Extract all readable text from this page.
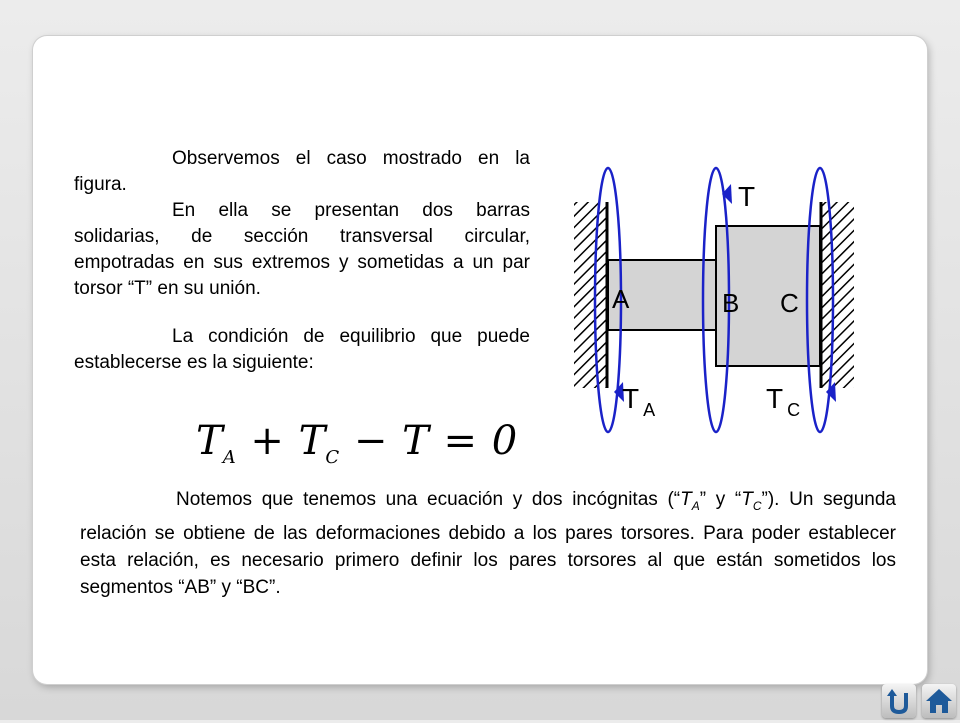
Observemos el caso mostrado en la figura.

En ella se presentan dos barras solidarias, de sección transversal circular, empotradas en sus extremos y sometidas a un par torsor “T” en su unión.

La condición de equilibrio que puede establecerse es la siguiente:

$T_A + T_C - T = 0$
T
A	B C
T $_A$	T $_C$

Notemos que tenemos una ecuación y dos incógnitas (“$T_A$” y “$T_C$”). Un segunda relación se obtiene de las deformaciones debido a los pares torsores. Para poder establecer esta relación, es necesario primero definir los pares torsores al que están sometidos los segmentos “AB” y “BC”.
